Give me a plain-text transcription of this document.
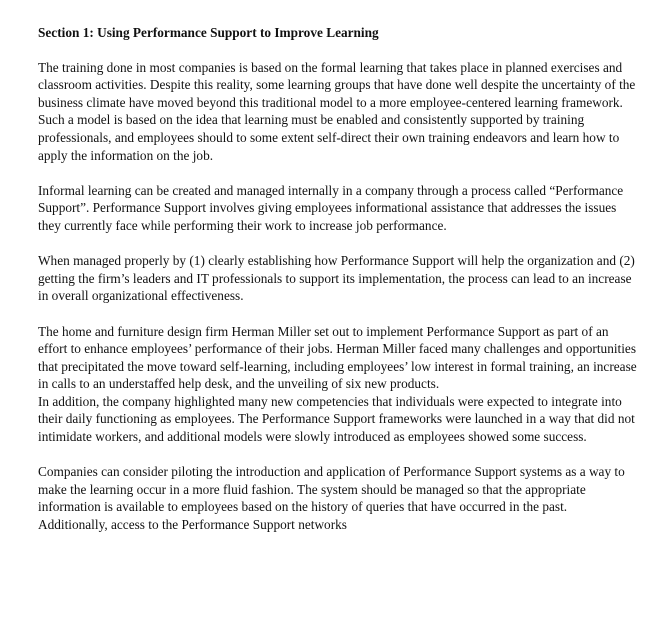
Section 1: Using Performance Support to Improve Learning

The training done in most companies is based on the formal learning that takes place in planned exercises and classroom activities. Despite this reality, some learning groups that have done well despite the uncertainty of the business climate have moved beyond this traditional model to a more employee-centered learning framework. Such a model is based on the idea that learning must be enabled and consistently supported by training professionals, and employees should to some extent self-direct their own training endeavors and learn how to apply the information on the job.

Informal learning can be created and managed internally in a company through a process called “Performance Support”. Performance Support involves giving employees informational assistance that addresses the issues they currently face while performing their work to increase job performance.

When managed properly by (1) clearly establishing how Performance Support will help the organization and (2) getting the firm’s leaders and IT professionals to support its implementation, the process can lead to an increase in overall organizational effectiveness.

The home and furniture design firm Herman Miller set out to implement Performance Support as part of an effort to enhance employees’ performance of their jobs. Herman Miller faced many challenges and opportunities that precipitated the move toward self-learning, including employees’ low interest in formal training, an increase in calls to an understaffed help desk, and the unveiling of six new products.

In addition, the company highlighted many new competencies that individuals were expected to integrate into their daily functioning as employees. The Performance Support frameworks were launched in a way that did not intimidate workers, and additional models were slowly introduced as employees showed some success.

Companies can consider piloting the introduction and application of Performance Support systems as a way to make the learning occur in a more fluid fashion. The system should be managed so that the appropriate information is available to employees based on the history of queries that have occurred in the past. Additionally, access to the Performance Support networks
